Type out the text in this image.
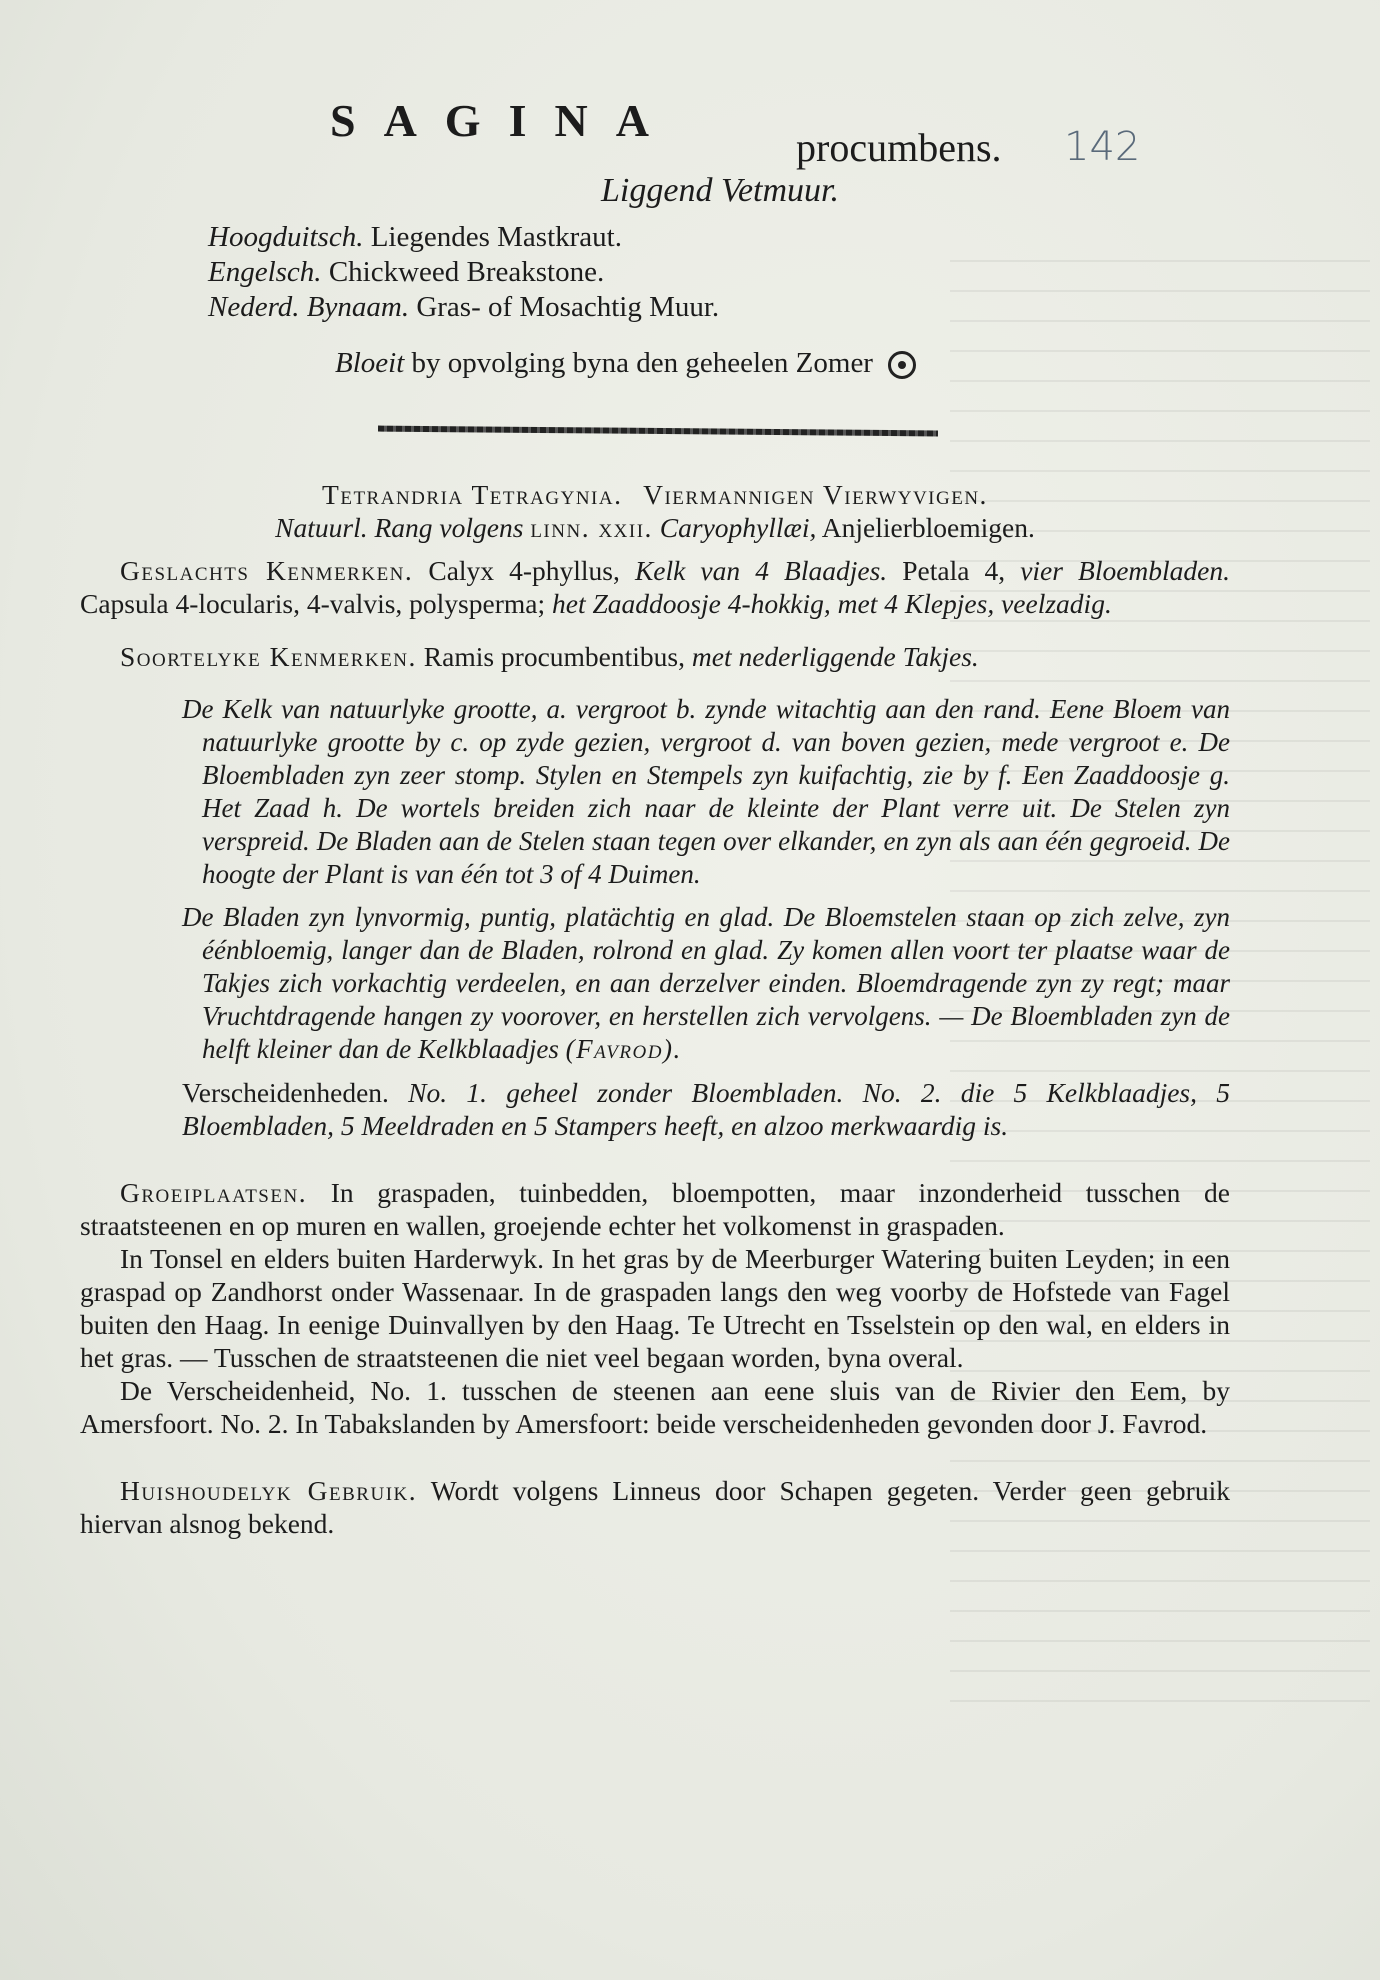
SAGINA
procumbens. 142
Liggend Vetmuur.
Hoogduitsch. Liegendes Mastkraut.
Engelsch. Chickweed Breakstone.
Nederd. Bynaam. Gras- of Mosachtig Muur.
Bloeit by opvolging byna den geheelen Zomer

Tetrandria Tetragynia. Viermannigen Vierwyvigen.

Natuurl. Rang volgens linn. xxii. Caryophyllæi, Anjelierbloemigen.

Geslachts Kenmerken. Calyx 4-phyllus, Kelk van 4 Blaadjes. Petala 4, vier Bloembladen. Capsula 4-locularis, 4-valvis, polysperma; het Zaaddoosje 4-hokkig, met 4 Klepjes, veelzadig.

Soortelyke Kenmerken. Ramis procumbentibus, met nederliggende Takjes.

De Kelk van natuurlyke grootte, a. vergroot b. zynde witachtig aan den rand. Eene Bloem van natuurlyke grootte by c. op zyde gezien, vergroot d. van boven gezien, mede vergroot e. De Bloembladen zyn zeer stomp. Stylen en Stempels zyn kuifachtig, zie by f. Een Zaaddoosje g. Het Zaad h. De wortels breiden zich naar de kleinte der Plant verre uit. De Stelen zyn verspreid. De Bladen aan de Stelen staan tegen over elkander, en zyn als aan één gegroeid. De hoogte der Plant is van één tot 3 of 4 Duimen.

De Bladen zyn lynvormig, puntig, platächtig en glad. De Bloemstelen staan op zich zelve, zyn éénbloemig, langer dan de Bladen, rolrond en glad. Zy komen allen voort ter plaatse waar de Takjes zich vorkachtig verdeelen, en aan derzelver einden. Bloemdragende zyn zy regt; maar Vruchtdragende hangen zy voorover, en herstellen zich vervolgens. — De Bloembladen zyn de helft kleiner dan de Kelkblaadjes (Favrod).

Verscheidenheden. No. 1. geheel zonder Bloembladen. No. 2. die 5 Kelkblaadjes, 5 Bloembladen, 5 Meeldraden en 5 Stampers heeft, en alzoo merkwaardig is.

Groeiplaatsen. In graspaden, tuinbedden, bloempotten, maar inzonderheid tusschen de straatsteenen en op muren en wallen, groejende echter het volkomenst in graspaden.

In Tonsel en elders buiten Harderwyk. In het gras by de Meerburger Watering buiten Leyden; in een graspad op Zandhorst onder Wassenaar. In de graspaden langs den weg voorby de Hofstede van Fagel buiten den Haag. In eenige Duinvallyen by den Haag. Te Utrecht en Tsselstein op den wal, en elders in het gras. — Tusschen de straatsteenen die niet veel begaan worden, byna overal.

De Verscheidenheid, No. 1. tusschen de steenen aan eene sluis van de Rivier den Eem, by Amersfoort. No. 2. In Tabakslanden by Amersfoort: beide verscheidenheden gevonden door J. Favrod.

Huishoudelyk Gebruik. Wordt volgens Linneus door Schapen gegeten. Verder geen gebruik hiervan alsnog bekend.
